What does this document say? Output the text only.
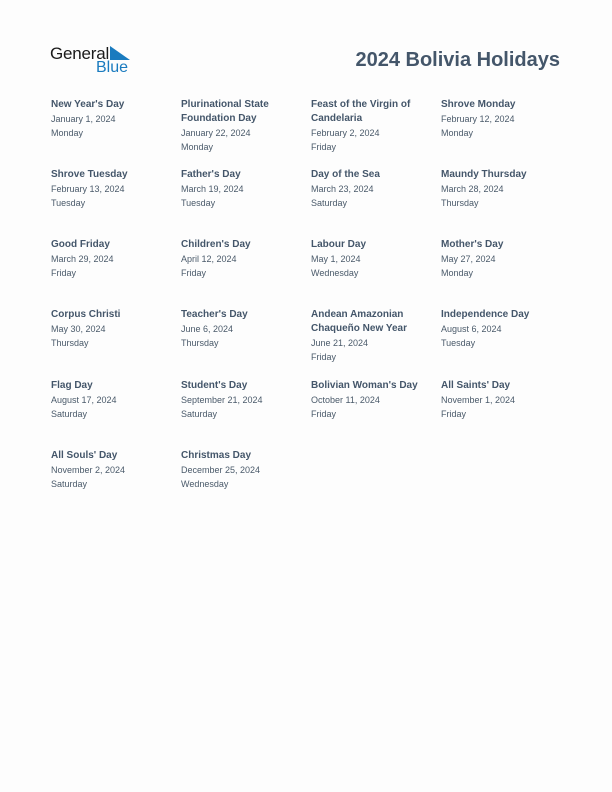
General
Blue	2024 Bolivia Holidays
New Year's Day
January 1, 2024
Monday
Plurinational State Foundation Day
January 22, 2024
Monday
Feast of the Virgin of Candelaria
February 2, 2024
Friday
Shrove Monday
February 12, 2024
Monday
Shrove Tuesday
February 13, 2024
Tuesday
Father's Day
March 19, 2024
Tuesday
Day of the Sea
March 23, 2024
Saturday
Maundy Thursday
March 28, 2024
Thursday
Good Friday
March 29, 2024
Friday
Children's Day
April 12, 2024
Friday
Labour Day
May 1, 2024
Wednesday
Mother's Day
May 27, 2024
Monday
Corpus Christi
May 30, 2024
Thursday
Teacher's Day
June 6, 2024
Thursday
Andean Amazonian Chaqueño New Year
June 21, 2024
Friday
Independence Day
August 6, 2024
Tuesday
Flag Day
August 17, 2024
Saturday
Student's Day
September 21, 2024
Saturday
Bolivian Woman's Day
October 11, 2024
Friday
All Saints' Day
November 1, 2024
Friday
All Souls' Day
November 2, 2024
Saturday
Christmas Day
December 25, 2024
Wednesday
